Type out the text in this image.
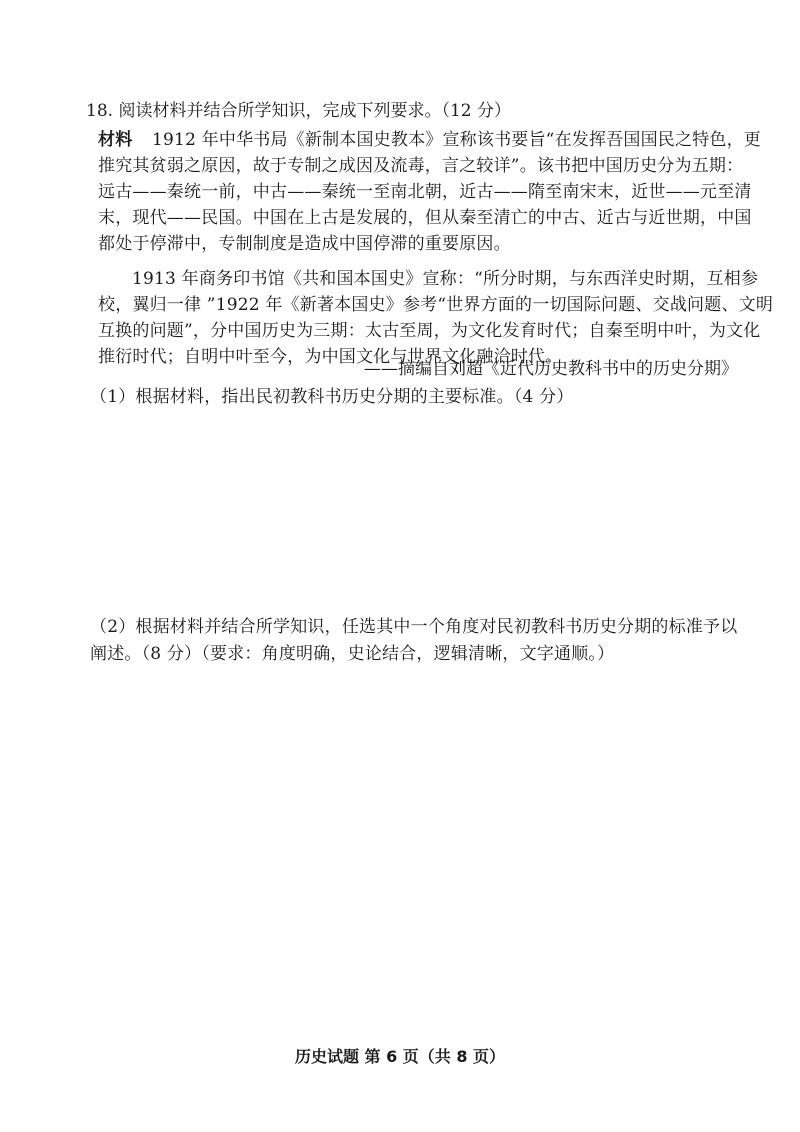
18. 阅读材料并结合所学知识，完成下列要求。（12 分）
材料 1912 年中华书局《新制本国史教本》宣称该书要旨“在发挥吾国国民之特色，更
推究其贫弱之原因，故于专制之成因及流毒，言之较详”。该书把中国历史分为五期：
远古——秦统一前，中古——秦统一至南北朝，近古——隋至南宋末，近世——元至清
末，现代——民国。中国在上古是发展的，但从秦至清亡的中古、近古与近世期，中国
都处于停滞中，专制制度是造成中国停滞的重要原因。
1913 年商务印书馆《共和国本国史》宣称：“所分时期，与东西洋史时期，互相参
校，翼归一律 ”1922 年《新著本国史》参考“世界方面的一切国际问题、交战问题、文明
互换的问题”，分中国历史为三期：太古至周，为文化发育时代；自秦至明中叶，为文化
推衍时代；自明中叶至今，为中国文化与世界文化融洽时代。
——摘编自刘超《近代历史教科书中的历史分期》
（1）根据材料，指出民初教科书历史分期的主要标准。（4 分）
（2）根据材料并结合所学知识，任选其中一个角度对民初教科书历史分期的标准予以
阐述。（8 分）（要求：角度明确，史论结合，逻辑清晰，文字通顺。）
历史试题 第 6 页（共 8 页）
